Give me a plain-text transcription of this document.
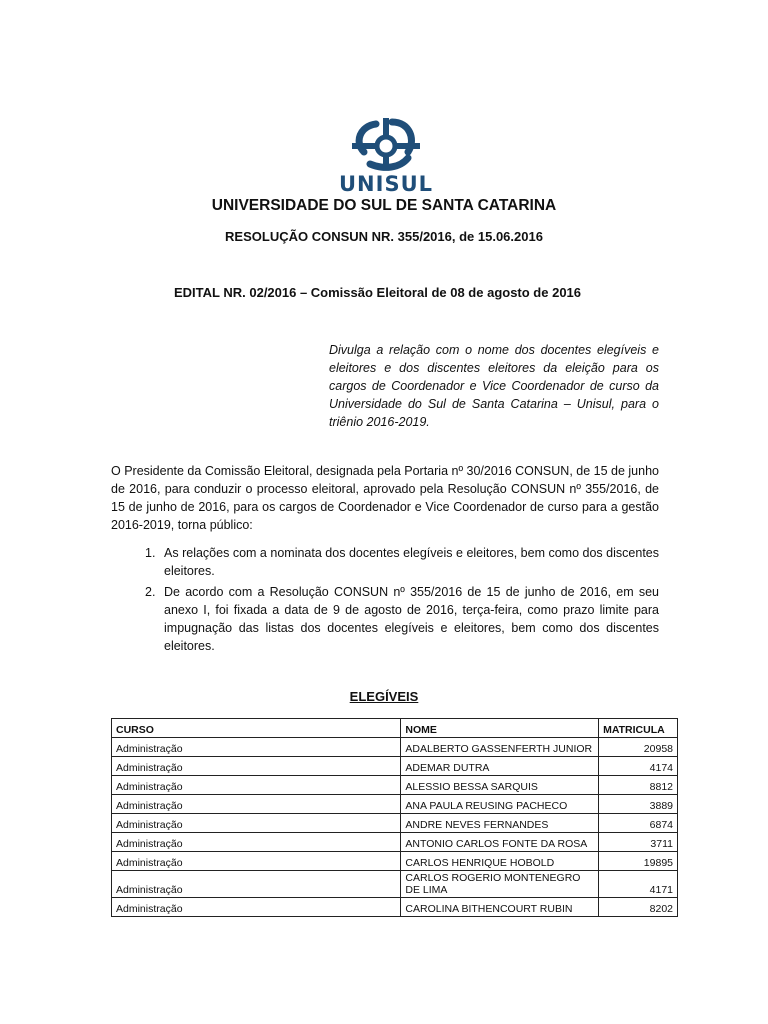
UNISUL
UNIVERSIDADE DO SUL DE SANTA CATARINA
RESOLUÇÃO CONSUN NR. 355/2016, de 15.06.2016
EDITAL NR. 02/2016 – Comissão Eleitoral de 08 de agosto de 2016
Divulga a relação com o nome dos docentes elegíveis e eleitores e dos discentes eleitores da eleição para os cargos de Coordenador e Vice Coordenador de curso da Universidade do Sul de Santa Catarina – Unisul, para o triênio 2016-2019.
O Presidente da Comissão Eleitoral, designada pela Portaria nº 30/2016 CONSUN, de 15 de junho de 2016, para conduzir o processo eleitoral, aprovado pela Resolução CONSUN nº 355/2016, de 15 de junho de 2016, para os cargos de Coordenador e Vice Coordenador de curso para a gestão 2016-2019, torna público:
1. As relações com a nominata dos docentes elegíveis e eleitores, bem como dos discentes eleitores.
2. De acordo com a Resolução CONSUN nº 355/2016 de 15 de junho de 2016, em seu anexo I, foi fixada a data de 9 de agosto de 2016, terça-feira, como prazo limite para impugnação das listas dos docentes elegíveis e eleitores, bem como dos discentes eleitores.
ELEGÍVEIS
CURSO	NOME	MATRICULA
Administração	ADALBERTO GASSENFERTH JUNIOR	20958
Administração	ADEMAR DUTRA	4174
Administração	ALESSIO BESSA SARQUIS	8812
Administração	ANA PAULA REUSING PACHECO	3889
Administração	ANDRE NEVES FERNANDES	6874
Administração	ANTONIO CARLOS FONTE DA ROSA	3711
Administração	CARLOS HENRIQUE HOBOLD	19895
Administração	CARLOS ROGERIO MONTENEGRO DE LIMA	4171
Administração	CAROLINA BITHENCOURT RUBIN	8202
